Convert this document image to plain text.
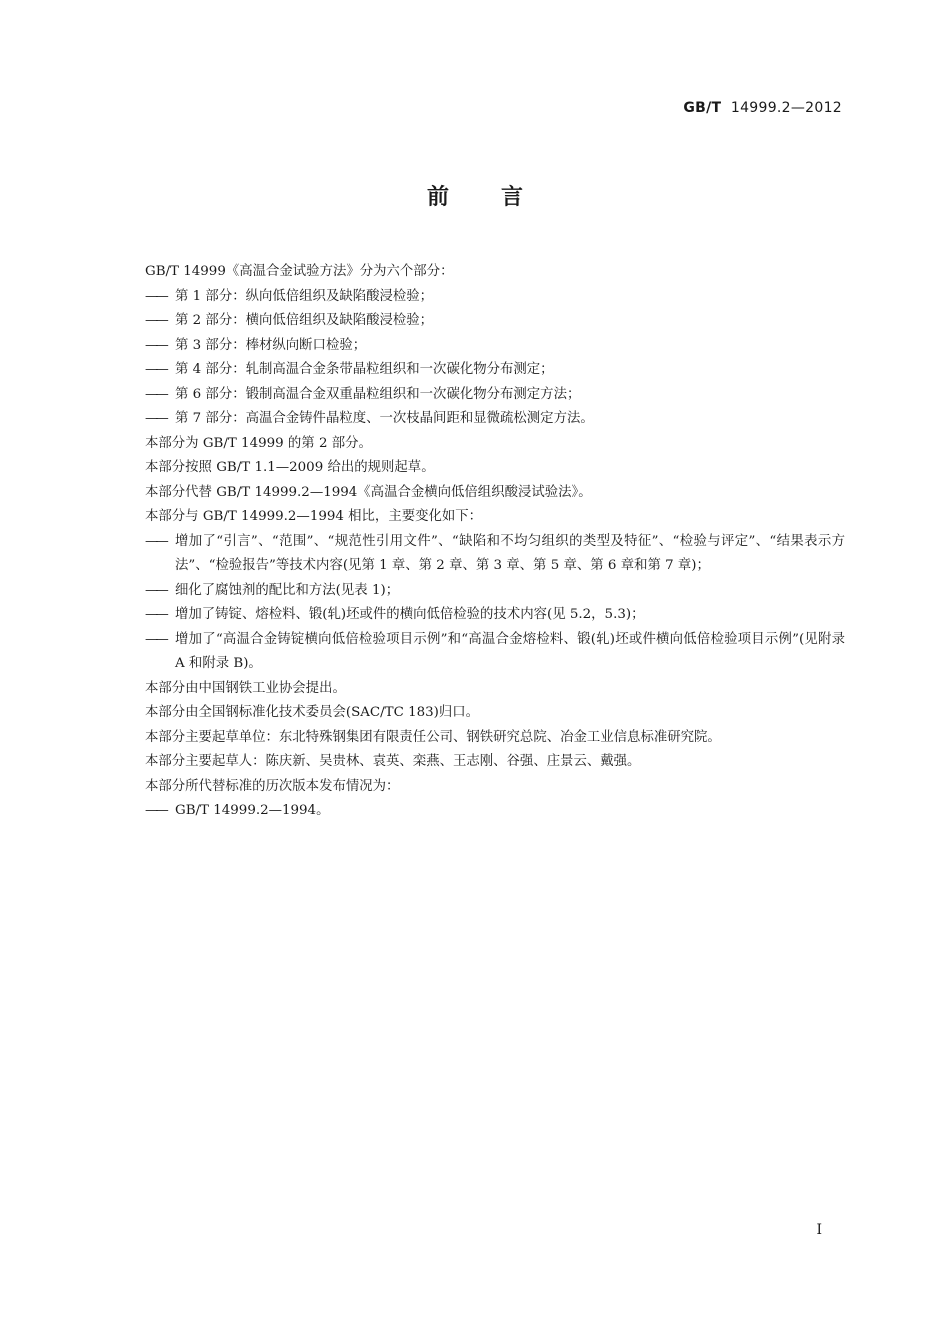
GB/T 14999.2—2012
前言
GB/T 14999《高温合金试验方法》分为六个部分：
—— 第 1 部分：纵向低倍组织及缺陷酸浸检验；
—— 第 2 部分：横向低倍组织及缺陷酸浸检验；
—— 第 3 部分：棒材纵向断口检验；
—— 第 4 部分：轧制高温合金条带晶粒组织和一次碳化物分布测定；
—— 第 6 部分：锻制高温合金双重晶粒组织和一次碳化物分布测定方法；
—— 第 7 部分：高温合金铸件晶粒度、一次枝晶间距和显微疏松测定方法。
本部分为 GB/T 14999 的第 2 部分。
本部分按照 GB/T 1.1—2009 给出的规则起草。
本部分代替 GB/T 14999.2—1994《高温合金横向低倍组织酸浸试验法》。
本部分与 GB/T 14999.2—1994 相比，主要变化如下：
—— 增加了“引言”、“范围”、“规范性引用文件”、“缺陷和不均匀组织的类型及特征”、“检验与评定”、“结果表示方法”、“检验报告”等技术内容(见第 1 章、第 2 章、第 3 章、第 5 章、第 6 章和第 7 章)；
—— 细化了腐蚀剂的配比和方法(见表 1)；
—— 增加了铸锭、熔检料、锻(轧)坯或件的横向低倍检验的技术内容(见 5.2，5.3)；
—— 增加了“高温合金铸锭横向低倍检验项目示例”和“高温合金熔检料、锻(轧)坯或件横向低倍检验项目示例”(见附录 A 和附录 B)。
本部分由中国钢铁工业协会提出。
本部分由全国钢标准化技术委员会(SAC/TC 183)归口。
本部分主要起草单位：东北特殊钢集团有限责任公司、钢铁研究总院、冶金工业信息标准研究院。
本部分主要起草人：陈庆新、吴贵林、袁英、栾燕、王志刚、谷强、庄景云、戴强。
本部分所代替标准的历次版本发布情况为：
—— GB/T 14999.2—1994。
I
